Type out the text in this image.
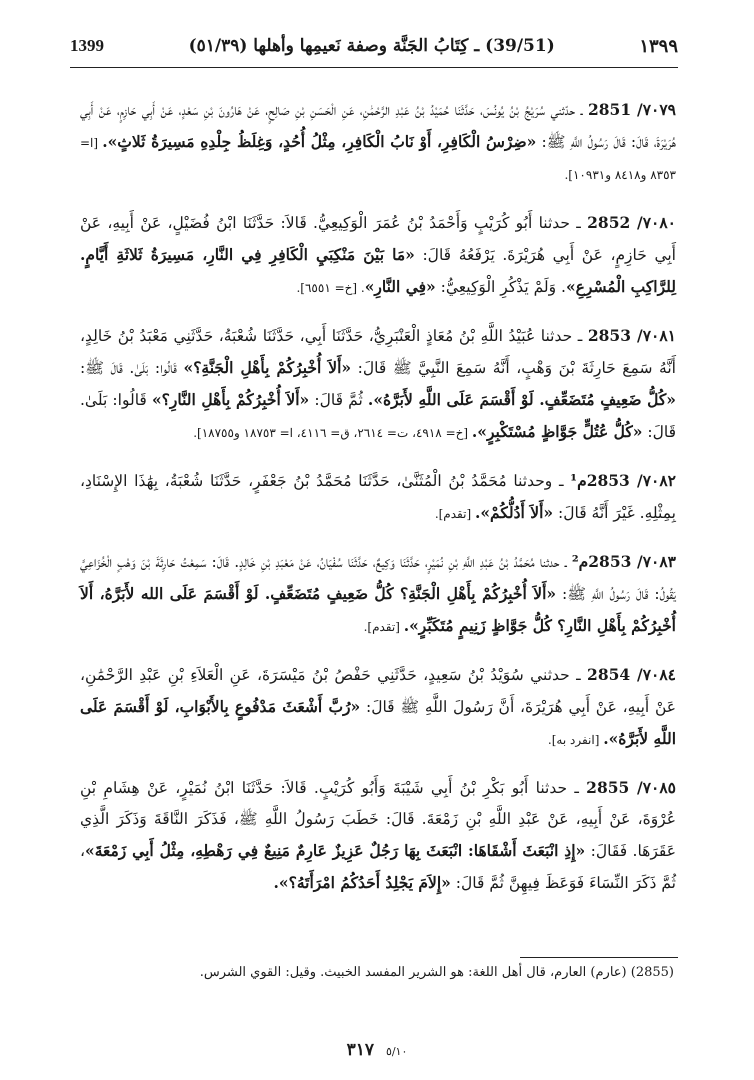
1399	(39/51) ـ كِتَابُ الجَنَّة وصفة نَعيمِها وأهلها (٥١/٣٩)	١٣٩٩

٧٠٧٩/ 2851 ـ حدّثني سُرَيْجُ بْنُ يُونُسَ، حَدَّثَنَا حُمَيْدُ بْنُ عَبْدِ الرَّحْمَٰنِ، عَنِ الْحَسَنِ بْنِ صَالِحٍ، عَنْ هَارُونَ بْنِ سَعْدٍ، عَنْ أَبِي حَازِمٍ، عَنْ أَبِي هُرَيْرَةَ، قَالَ: قَالَ رَسُولُ اللَّهِ ﷺ: «ضِرْسُ الْكَافِرِ، أَوْ نَابُ الْكَافِرِ، مِثْلُ أُحُدٍ، وَغِلَظُ جِلْدِهِ مَسِيرَةُ ثَلاثٍ». [ا= ٨٣٥٣ و٨٤١٨ و١٠٩٣١].

٧٠٨٠/ 2852 ـ حدثنا أَبُو كُرَيْبٍ وَأَحْمَدُ بْنُ عُمَرَ الْوَكِيعِيُّ. قَالاَ: حَدَّثَنَا ابْنُ فُضَيْلٍ، عَنْ أَبِيهِ، عَنْ أَبِي حَازِمٍ، عَنْ أَبِي هُرَيْرَةَ. يَرْفَعُهُ قَالَ: «مَا بَيْنَ مَنْكِبَيِ الْكَافِرِ فِي النَّارِ، مَسِيرَةُ ثَلاثَةِ أَيَّامٍ. لِلرَّاكِبِ الْمُسْرِعِ». وَلَمْ يَذْكُرِ الْوَكِيعِيُّ: «فِي النَّارِ». [خ= ٦٥٥١].

٧٠٨١/ 2853 ـ حدثنا عُبَيْدُ اللَّهِ بْنُ مُعَاذٍ الْعَنْبَرِيُّ، حَدَّثَنَا أَبِي، حَدَّثَنَا شُعْبَةُ، حَدَّثَنِي مَعْبَدُ بْنُ خَالِدٍ، أَنَّهُ سَمِعَ حَارِثَةَ بْنَ وَهْبٍ، أَنَّهُ سَمِعَ النَّبِيَّ ﷺ قَالَ: «أَلاَ أُخْبِرُكُمْ بِأَهْلِ الْجَنَّةِ؟» قَالُوا: بَلَىٰ. قَالَ ﷺ: «كُلُّ ضَعِيفٍ مُتَضَعِّفٍ. لَوْ أَقْسَمَ عَلَى اللَّهِ لأَبَرَّهُ». ثُمَّ قَالَ: «أَلاَ أُخْبِرُكُمْ بِأَهْلِ النَّارِ؟» قَالُوا: بَلَىٰ. قَالَ: «كُلُّ عُتُلٍّ جَوَّاظٍ مُسْتَكْبِرٍ». [خ= ٤٩١٨، ت= ٢٦١٤، ق= ٤١١٦، ا= ١٨٧٥٣ و١٨٧٥٥].

٧٠٨٢/ 2853م¹ ـ وحدثنا مُحَمَّدُ بْنُ الْمُثَنَّىٰ، حَدَّثَنَا مُحَمَّدُ بْنُ جَعْفَرٍ، حَدَّثَنَا شُعْبَةُ، بِهَٰذَا الإِسْنَادِ، بِمِثْلِهِ. غَيْرَ أَنَّهُ قَالَ: «أَلاَ أَدُلُّكُمْ». [تقدم].

٧٠٨٣/ 2853م² ـ حدثنا مُحَمَّدُ بْنُ عَبْدِ اللَّهِ بْنِ نُمَيْرٍ، حَدَّثَنَا وَكِيعٌ، حَدَّثَنَا سُفْيَانُ، عَنْ مَعْبَدِ بْنِ خَالِدٍ. قَالَ: سَمِعْتُ حَارِثَةَ بْنَ وَهْبٍ الْخُزَاعِيَّ يَقُولُ: قَالَ رَسُولُ اللَّهِ ﷺ: «أَلاَ أُخْبِرُكُمْ بِأَهْلِ الْجَنَّةِ؟ كُلُّ ضَعِيفٍ مُتَضَعِّفٍ. لَوْ أَقْسَمَ عَلَى الله لأَبَرَّهُ، أَلاَ أُخْبِرُكُمْ بِأَهْلِ النَّارِ؟ كُلُّ جَوَّاظٍ زَنِيمٍ مُتَكَبِّرٍ». [تقدم].

٧٠٨٤/ 2854 ـ حدثني سُوَيْدُ بْنُ سَعِيدٍ، حَدَّثَنِي حَفْصُ بْنُ مَيْسَرَةَ، عَنِ الْعَلاَءِ بْنِ عَبْدِ الرَّحْمَٰنِ، عَنْ أَبِيهِ، عَنْ أَبِي هُرَيْرَةَ، أَنَّ رَسُولَ اللَّهِ ﷺ قَالَ: «رُبَّ أَشْعَثَ مَدْفُوعٍ بِالأَبْوَابِ، لَوْ أَقْسَمَ عَلَى اللَّهِ لأَبَرَّهُ». [انفرد به].

٧٠٨٥/ 2855 ـ حدثنا أَبُو بَكْرِ بْنُ أَبِي شَيْبَةَ وَأَبُو كُرَيْبٍ. قَالاَ: حَدَّثَنَا ابْنُ نُمَيْرٍ، عَنْ هِشَامِ بْنِ عُرْوَةَ، عَنْ أَبِيهِ، عَنْ عَبْدِ اللَّهِ بْنِ زَمْعَةَ. قَالَ: خَطَبَ رَسُولُ اللَّهِ ﷺ، فَذَكَرَ النَّاقَةَ وَذَكَرَ الَّذِي عَقَرَهَا. فَقَالَ: «إِذِ انْبَعَثَ أَشْقَاهَا: انْبَعَثَ بِهَا رَجُلٌ عَزِيزٌ عَارِمٌ مَنِيعٌ فِي رَهْطِهِ، مِثْلُ أَبِي زَمْعَةَ»، ثُمَّ ذَكَرَ النِّسَاءَ فَوَعَظَ فِيهِنَّ ثُمَّ قَالَ: «إِلاَمَ يَجْلِدُ أَحَدُكُمُ امْرَأَتَهُ؟».

(2855) (عارم) العارم، قال أهل اللغة: هو الشرير المفسد الخبيث. وقيل: القوي الشرس.
٥/١٠ ٣١٧
